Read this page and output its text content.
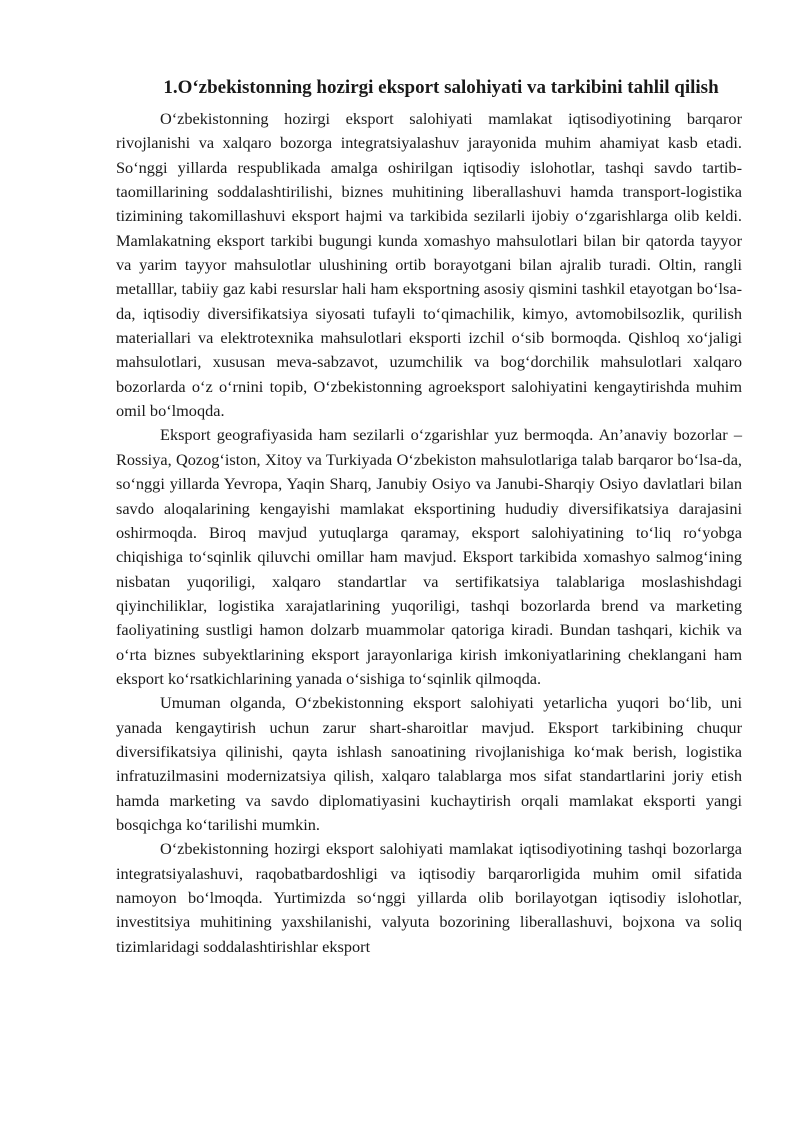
1.O‘zbekistonning hozirgi eksport salohiyati va tarkibini tahlil qilish

O‘zbekistonning hozirgi eksport salohiyati mamlakat iqtisodiyotining barqaror rivojlanishi va xalqaro bozorga integratsiyalashuv jarayonida muhim ahamiyat kasb etadi. So‘nggi yillarda respublikada amalga oshirilgan iqtisodiy islohotlar, tashqi savdo tartib-taomillarining soddalashtirilishi, biznes muhitining liberallashuvi hamda transport-logistika tizimining takomillashuvi eksport hajmi va tarkibida sezilarli ijobiy o‘zgarishlarga olib keldi. Mamlakatning eksport tarkibi bugungi kunda xomashyo mahsulotlari bilan bir qatorda tayyor va yarim tayyor mahsulotlar ulushining ortib borayotgani bilan ajralib turadi. Oltin, rangli metalllar, tabiiy gaz kabi resurslar hali ham eksportning asosiy qismini tashkil etayotgan bo‘lsa-da, iqtisodiy diversifikatsiya siyosati tufayli to‘qimachilik, kimyo, avtomobilsozlik, qurilish materiallari va elektrotexnika mahsulotlari eksporti izchil o‘sib bormoqda. Qishloq xo‘jaligi mahsulotlari, xususan meva-sabzavot, uzumchilik va bog‘dorchilik mahsulotlari xalqaro bozorlarda o‘z o‘rnini topib, O‘zbekistonning agroeksport salohiyatini kengaytirishda muhim omil bo‘lmoqda.

Eksport geografiyasida ham sezilarli o‘zgarishlar yuz bermoqda. An’anaviy bozorlar – Rossiya, Qozog‘iston, Xitoy va Turkiyada O‘zbekiston mahsulotlariga talab barqaror bo‘lsa-da, so‘nggi yillarda Yevropa, Yaqin Sharq, Janubiy Osiyo va Janubi-Sharqiy Osiyo davlatlari bilan savdo aloqalarining kengayishi mamlakat eksportining hududiy diversifikatsiya darajasini oshirmoqda. Biroq mavjud yutuqlarga qaramay, eksport salohiyatining to‘liq ro‘yobga chiqishiga to‘sqinlik qiluvchi omillar ham mavjud. Eksport tarkibida xomashyo salmog‘ining nisbatan yuqoriligi, xalqaro standartlar va sertifikatsiya talablariga moslashishdagi qiyinchiliklar, logistika xarajatlarining yuqoriligi, tashqi bozorlarda brend va marketing faoliyatining sustligi hamon dolzarb muammolar qatoriga kiradi. Bundan tashqari, kichik va o‘rta biznes subyektlarining eksport jarayonlariga kirish imkoniyatlarining cheklangani ham eksport ko‘rsatkichlarining yanada o‘sishiga to‘sqinlik qilmoqda.

Umuman olganda, O‘zbekistonning eksport salohiyati yetarlicha yuqori bo‘lib, uni yanada kengaytirish uchun zarur shart-sharoitlar mavjud. Eksport tarkibining chuqur diversifikatsiya qilinishi, qayta ishlash sanoatining rivojlanishiga ko‘mak berish, logistika infratuzilmasini modernizatsiya qilish, xalqaro talablarga mos sifat standartlarini joriy etish hamda marketing va savdo diplomatiyasini kuchaytirish orqali mamlakat eksporti yangi bosqichga ko‘tarilishi mumkin.

O‘zbekistonning hozirgi eksport salohiyati mamlakat iqtisodiyotining tashqi bozorlarga integratsiyalashuvi, raqobatbardoshligi va iqtisodiy barqarorligida muhim omil sifatida namoyon bo‘lmoqda. Yurtimizda so‘nggi yillarda olib borilayotgan iqtisodiy islohotlar, investitsiya muhitining yaxshilanishi, valyuta bozorining liberallashuvi, bojxona va soliq tizimlaridagi soddalashtirishlar eksport
